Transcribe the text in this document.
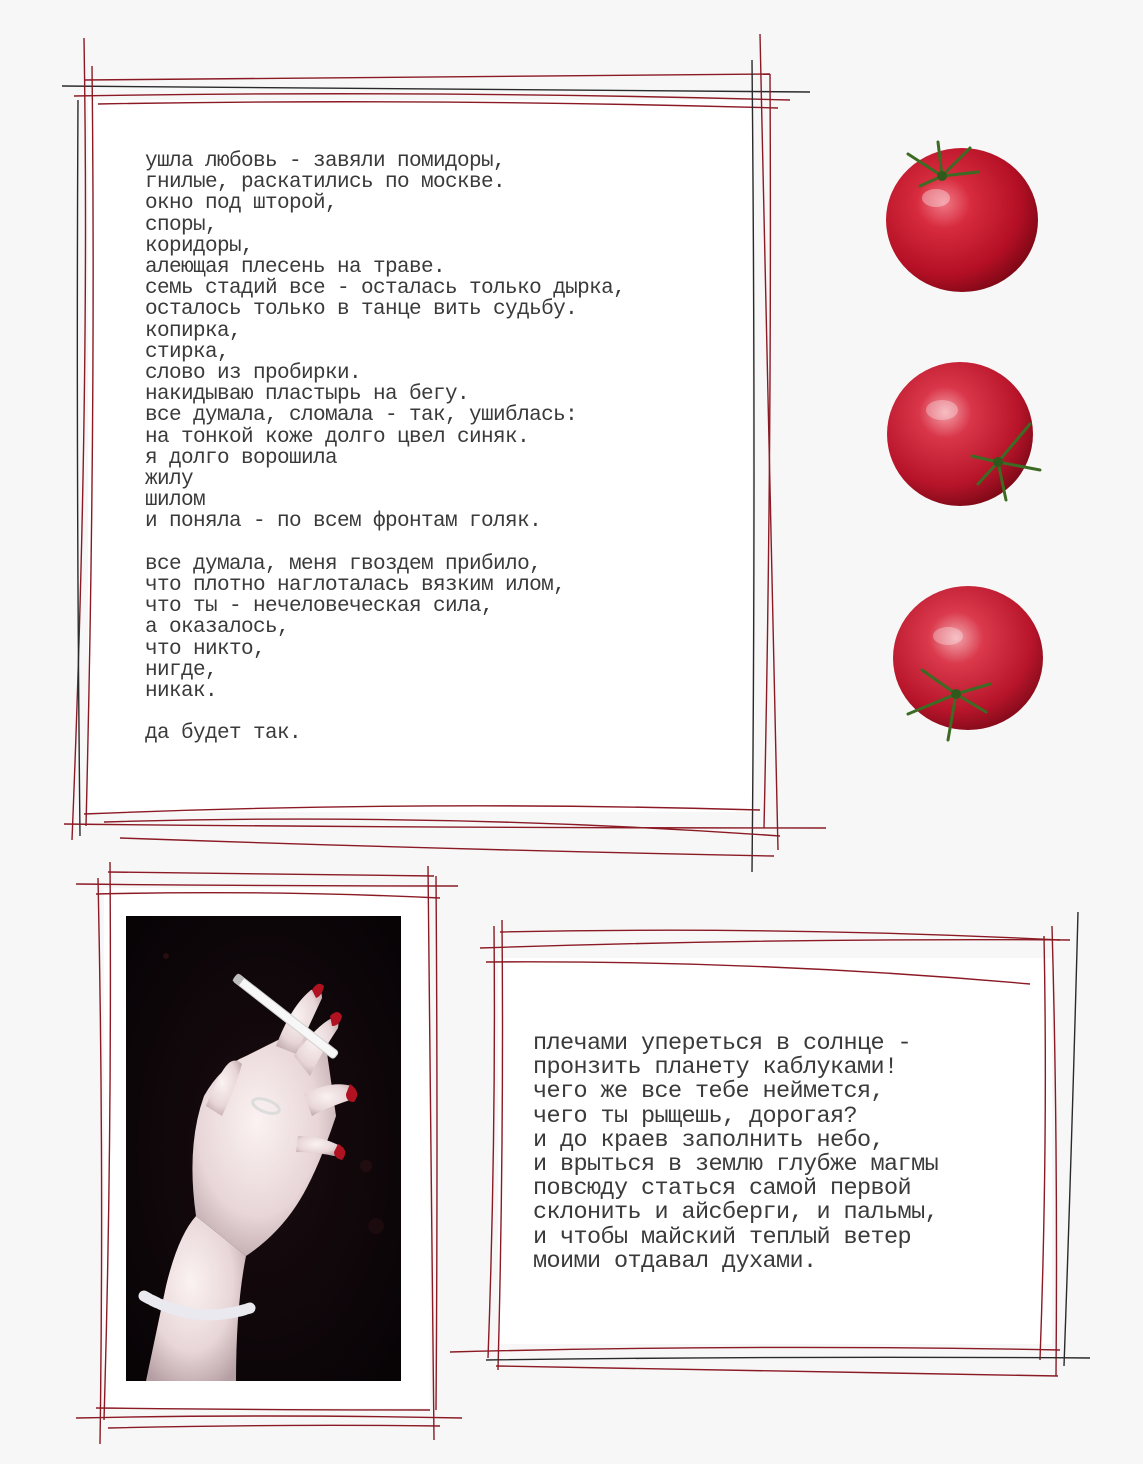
ушла любовь - завяли помидоры,
гнилые, раскатились по москве.
окно под шторой,
споры,
коридоры,
алеющая плесень на траве.
семь стадий все - осталась только дырка,
осталось только в танце вить судьбу.
копирка,
стирка,
слово из пробирки.
накидываю пластырь на бегу.
все думала, сломала - так, ушиблась:
на тонкой коже долго цвел синяк.
я долго ворошила
жилу
шилом
и поняла - по всем фронтам голяк.

все думала, меня гвоздем прибило,
что плотно наглоталась вязким илом,
что ты - нечеловеческая сила,
а оказалось,
что никто,
нигде,
никак.

да будет так.
плечами упереться в солнце -
пронзить планету каблуками!
чего же все тебе неймется,
чего ты рыщешь, дорогая?
и до краев заполнить небо,
и врыться в землю глубже магмы
повсюду статься самой первой
склонить и айсберги, и пальмы,
и чтобы майский теплый ветер
моими отдавал духами.
